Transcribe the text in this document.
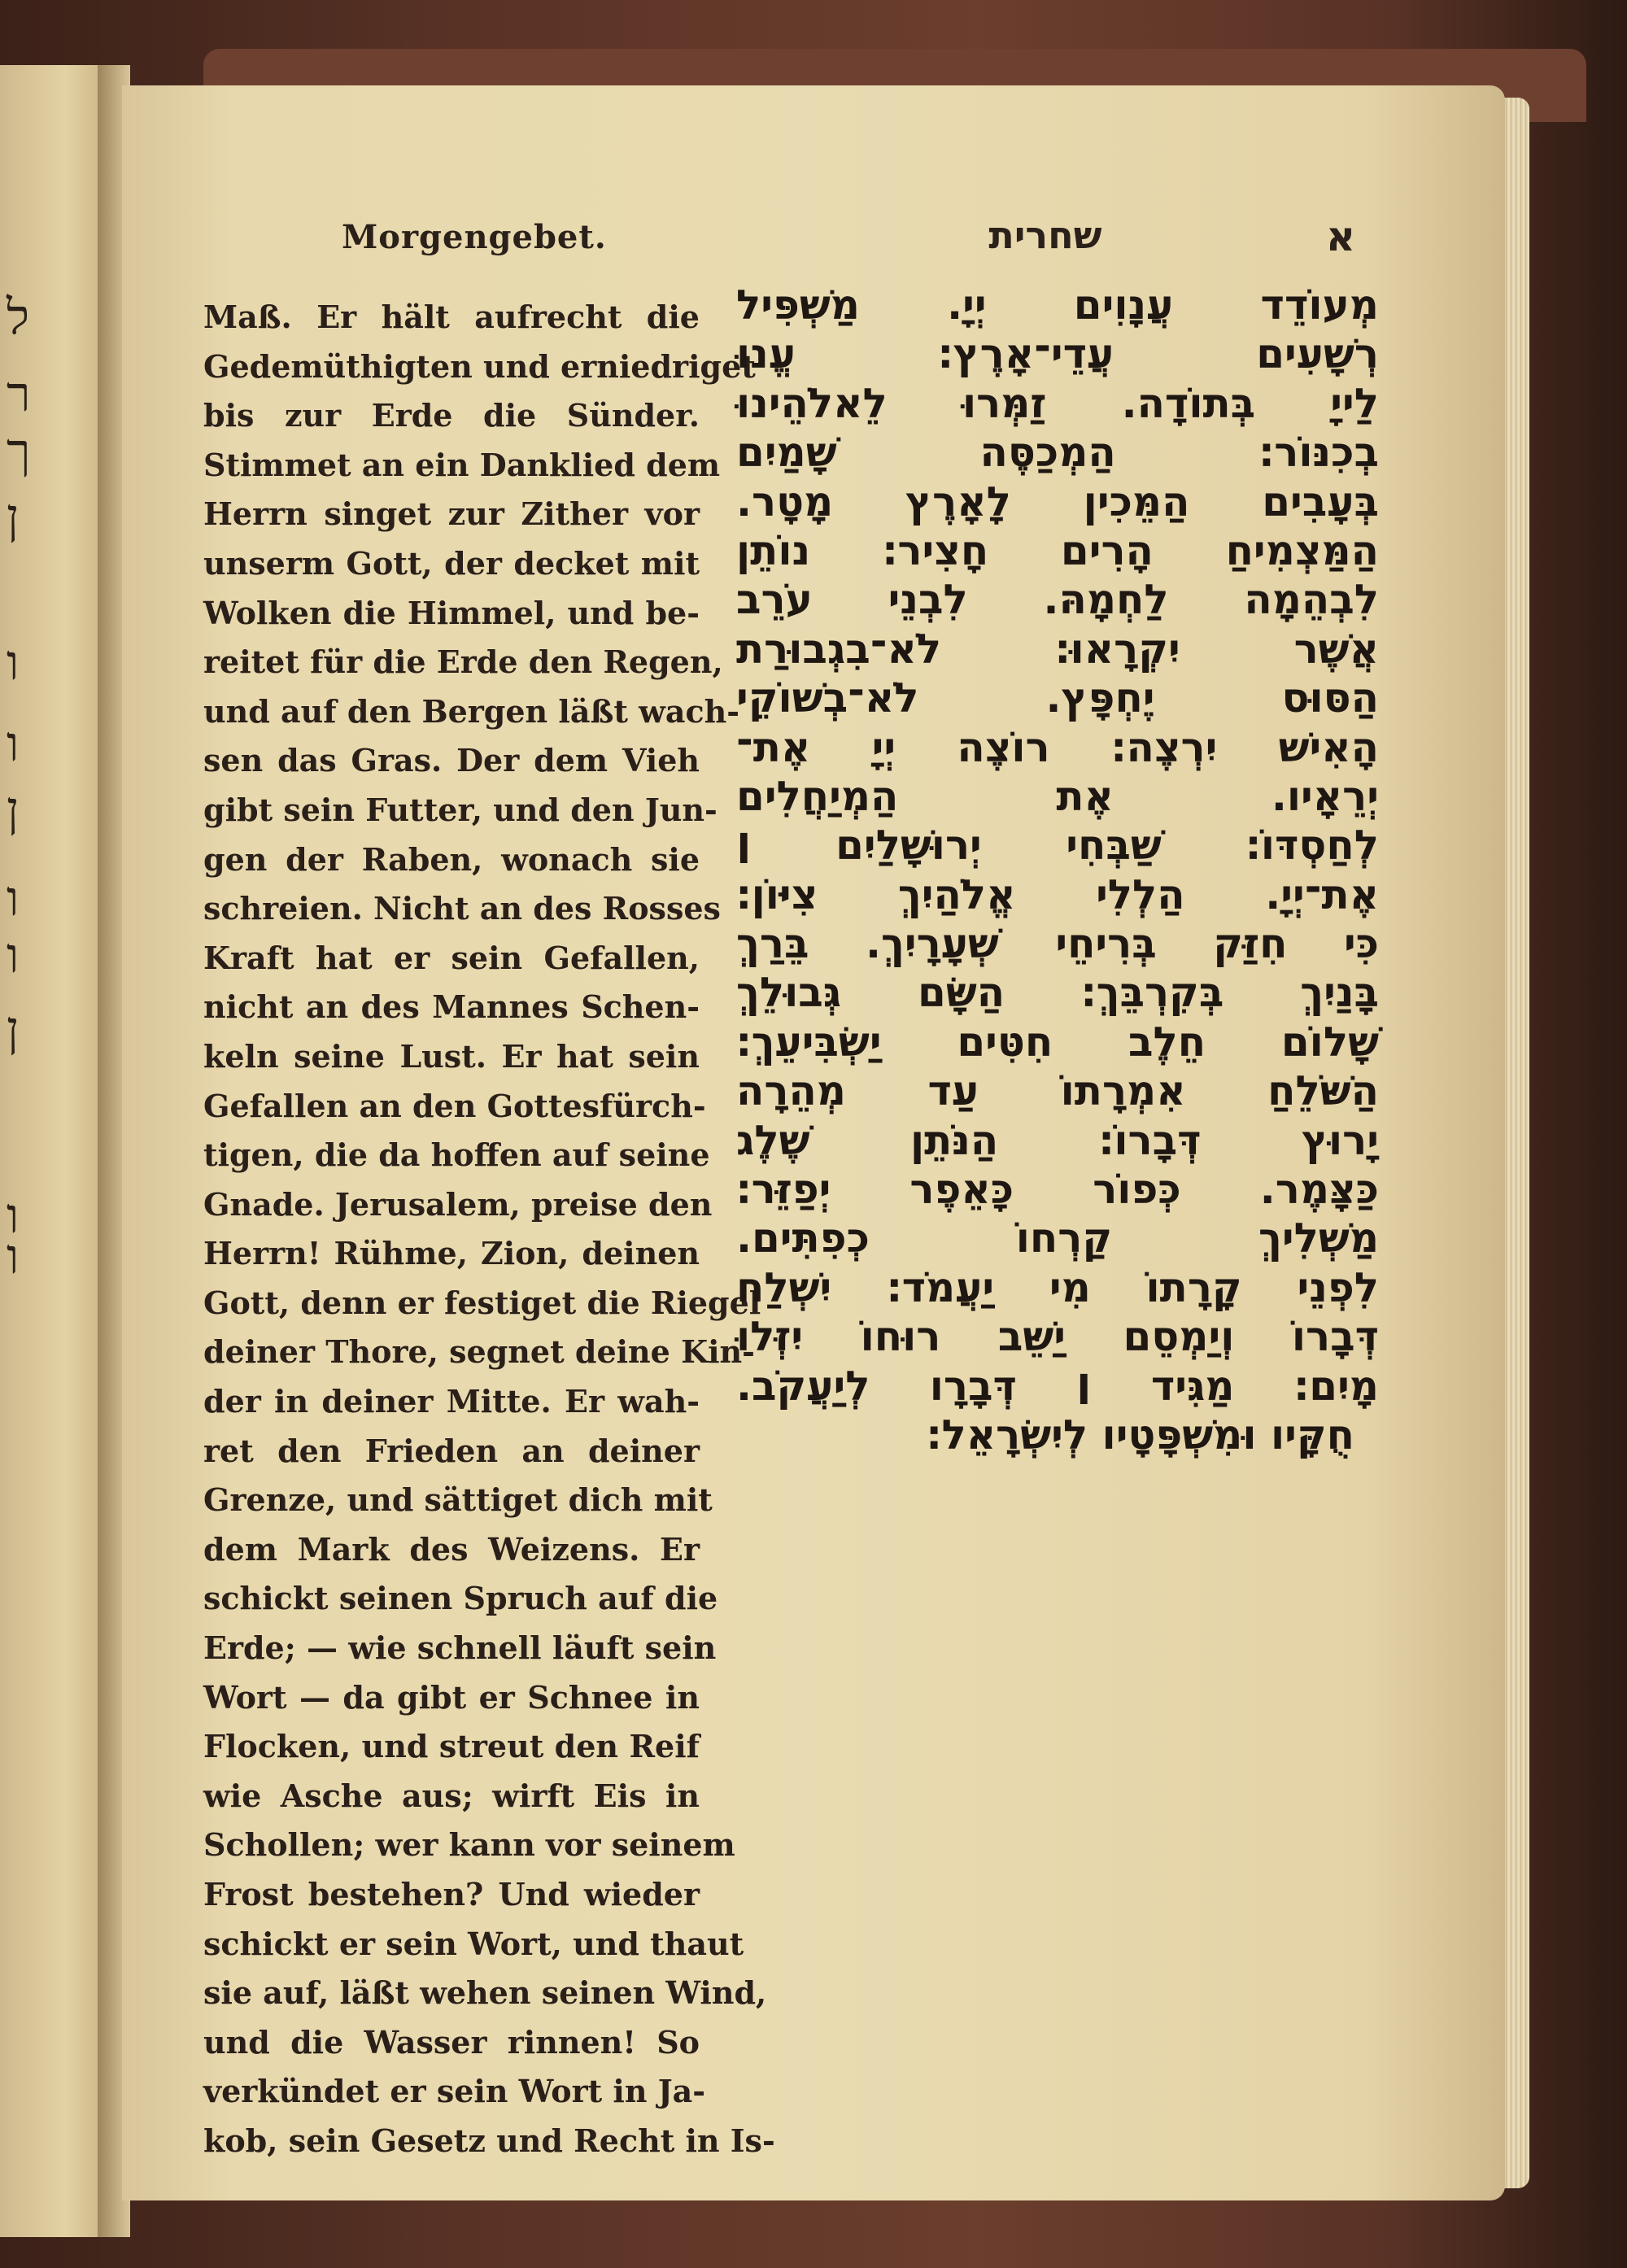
ל
ר
ך
ן
ו
ו
ן
ו
ו
ן
ו
ו
Morgengebet.	שחרית	א
Maß. Er hält aufrecht die
Gedemüthigten und erniedriget
bis zur Erde die Sünder.
Stimmet an ein Danklied dem
Herrn singet zur Zither vor
unserm Gott, der decket mit
Wolken die Himmel, und be-
reitet für die Erde den Regen,
und auf den Bergen läßt wach-
sen das Gras. Der dem Vieh
gibt sein Futter, und den Jun-
gen der Raben, wonach sie
schreien. Nicht an des Rosses
Kraft hat er sein Gefallen,
nicht an des Mannes Schen-
keln seine Lust. Er hat sein
Gefallen an den Gottesfürch-
tigen, die da hoffen auf seine
Gnade. Jerusalem, preise den
Herrn! Rühme, Zion, deinen
Gott, denn er festiget die Riegel
deiner Thore, segnet deine Kin-
der in deiner Mitte. Er wah-
ret den Frieden an deiner
Grenze, und sättiget dich mit
dem Mark des Weizens. Er
schickt seinen Spruch auf die
Erde; — wie schnell läuft sein
Wort — da gibt er Schnee in
Flocken, und streut den Reif
wie Asche aus; wirft Eis in
Schollen; wer kann vor seinem
Frost bestehen? Und wieder
schickt er sein Wort, und thaut
sie auf, läßt wehen seinen Wind,
und die Wasser rinnen! So
verkündet er sein Wort in Ja-
kob, sein Gesetz und Recht in Is-
מְעוֹדֵד עֲנָוִים יְיָ. מַשְׁפִּיל
רְשָׁעִים עֲדֵי־אָרֶץ׃ עֱנוּ
לַייָ בְּתוֹדָה. זַמְּרוּ לֵאלֹהֵינוּ
בְכִנּוֹר׃ הַמְכַסֶּה שָׁמַיִם
בְּעָבִים הַמֵּכִין לָאָרֶץ מָטָר.
הַמַּצְמִיחַ הָרִים חָצִיר׃ נוֹתֵן
לִבְהֵמָה לַחְמָהּ. לִבְנֵי עֹרֵב
אֲשֶׁר יִקְרָאוּ׃ לֹא־בִגְבוּרַת
הַסּוּס יֶחְפָּץ. לֹא־בְשׁוֹקֵי
הָאִישׁ יִרְצֶה׃ רוֹצֶה יְיָ אֶת־
יְרֵאָיו. אֶת הַמְיַחֲלִים
לְחַסְדּוֹ׃ שַׁבְּחִי יְרוּשָׁלַיִם ׀
אֶת־יְיָ. הַלְלִי אֱלֹהַיִךְ צִיּוֹן׃
כִּי חִזַּק בְּרִיחֵי שְׁעָרָיִךְ. בֵּרַךְ
בָּנַיִךְ בְּקִרְבֵּךְ׃ הַשָּׂם גְּבוּלֵךְ
שָׁלוֹם חֵלֶב חִטִּים יַשְׂבִּיעֵךְ׃
הַשֹּׁלֵחַ אִמְרָתוֹ עַד מְהֵרָה
יָרוּץ דְּבָרוֹ׃ הַנֹּתֵן שֶׁלֶג
כַּצָּמֶר. כְּפוֹר כָּאֵפֶר יְפַזֵּר׃
מַשְׁלִיךְ קַרְחוֹ כְפִתִּים.
לִפְנֵי קָרָתוֹ מִי יַעֲמֹד׃ יִשְׁלַח
דְּבָרוֹ וְיַמְסֵם יַשֵּׁב רוּחוֹ יִזְּלוּ
מָיִם׃ מַגִּיד ׀ דְּבָרָו לְיַעֲקֹב.
חֻקָּיו וּמִשְׁפָּטָיו לְיִשְׂרָאֵל׃
